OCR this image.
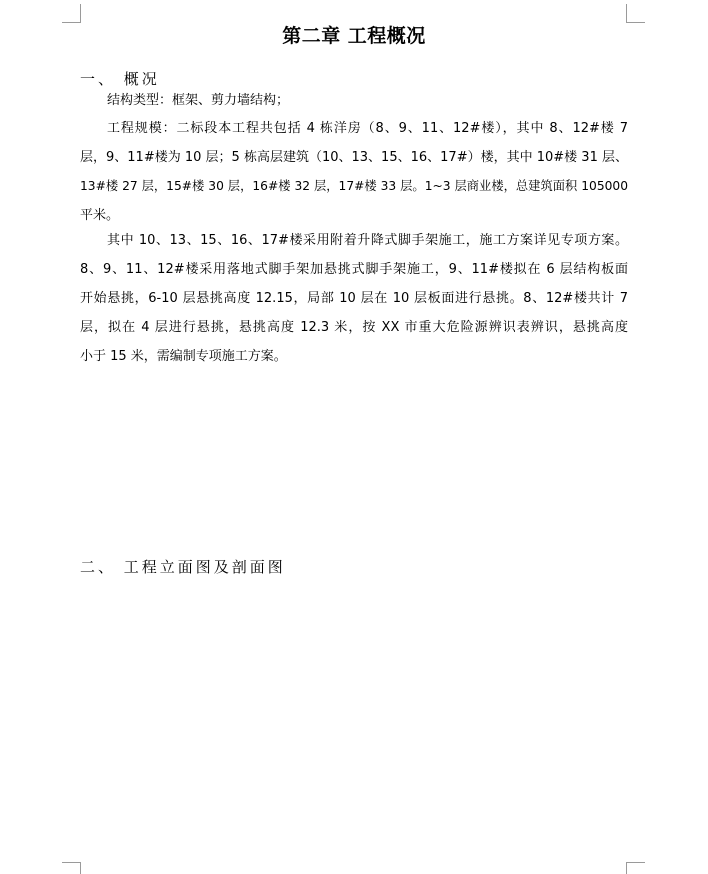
第二章 工程概况
一、 概况
结构类型：框架、剪力墙结构；
工程规模：二标段本工程共包括 4 栋洋房（8、9、11、12#楼），其中 8、12#楼 7
层，9、11#楼为 10 层；5 栋高层建筑（10、13、15、16、17#）楼，其中 10#楼 31 层、
13#楼 27 层，15#楼 30 层，16#楼 32 层，17#楼 33 层。1~3 层商业楼，总建筑面积 105000
平米。
其中 10、13、15、16、17#楼采用附着升降式脚手架施工，施工方案详见专项方案。
8、9、11、12#楼采用落地式脚手架加悬挑式脚手架施工，9、11#楼拟在 6 层结构板面
开始悬挑，6-10 层悬挑高度 12.15，局部 10 层在 10 层板面进行悬挑。8、12#楼共计 7
层，拟在 4 层进行悬挑，悬挑高度 12.3 米，按 XX 市重大危险源辨识表辨识，悬挑高度
小于 15 米，需编制专项施工方案。
二、 工程立面图及剖面图
